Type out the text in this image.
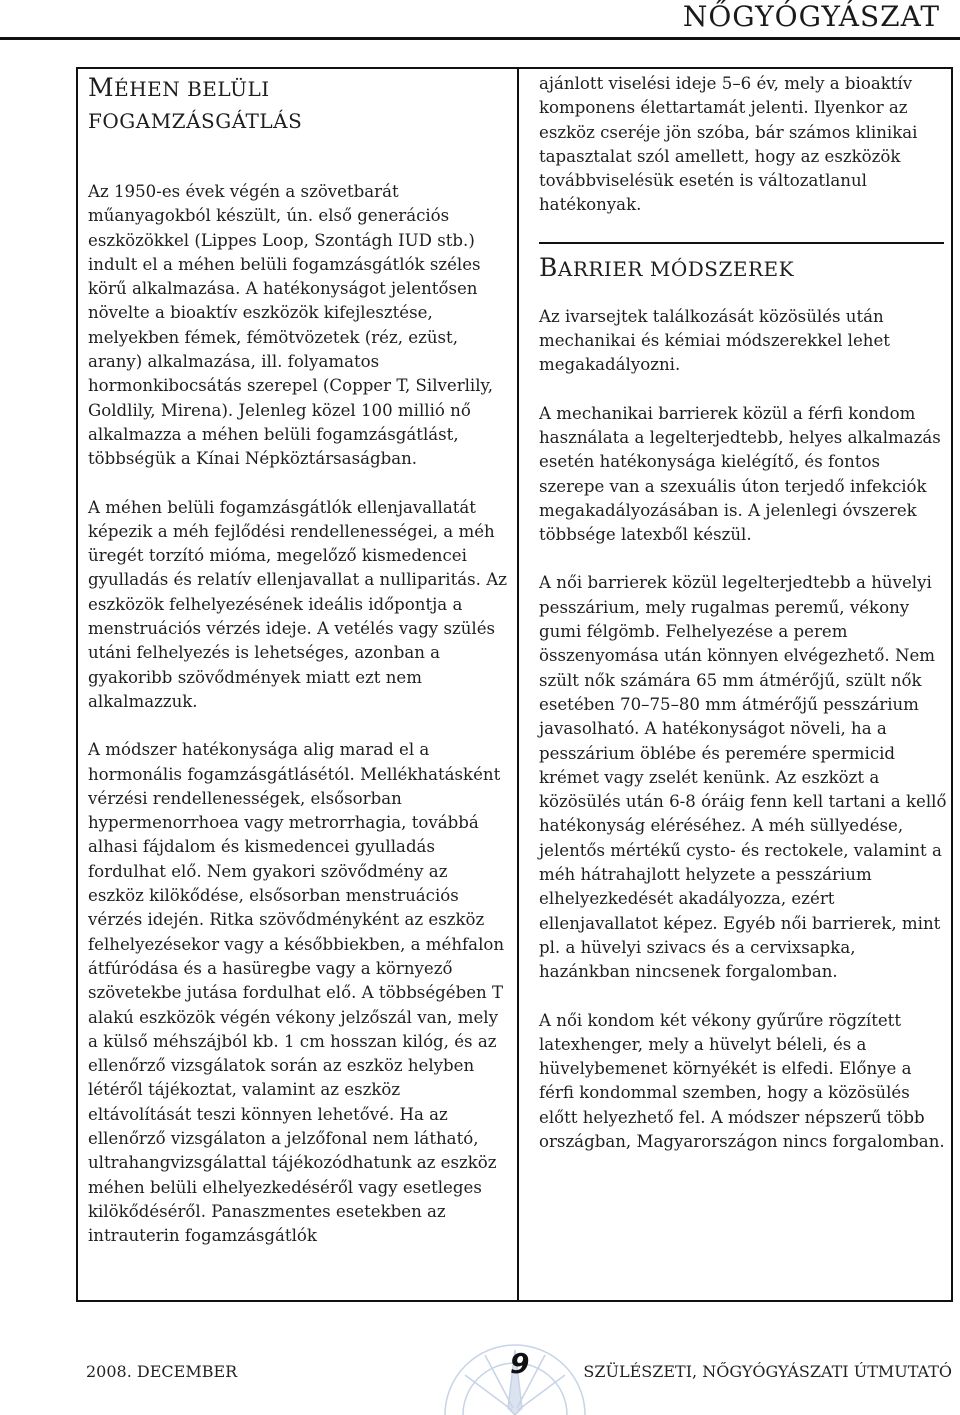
NŐGYÓGYÁSZAT
MÉHEN BELÜLI
FOGAMZÁSGÁTLÁS

Az 1950-es évek végén a szövetbarát műanyagokból készült, ún. első generációs eszközökkel (Lippes Loop, Szontágh IUD stb.) indult el a méhen belüli fogamzásgátlók széles körű alkalmazása. A hatékonyságot jelentősen növelte a bioaktív eszközök kifejlesztése, melyekben fémek, fémötvözetek (réz, ezüst, arany) alkalmazása, ill. folyamatos hormonkibocsátás szerepel (Copper T, Silverlily, Goldlily, Mirena). Jelenleg közel 100 millió nő alkalmazza a méhen belüli fogamzásgátlást, többségük a Kínai Népköztársaságban.

A méhen belüli fogamzásgátlók ellenjavallatát képezik a méh fejlődési rendellenességei, a méh üregét torzító mióma, megelőző kismedencei gyulladás és relatív ellenjavallat a nulliparitás. Az eszközök felhelyezésének ideális időpontja a menstruációs vérzés ideje. A vetélés vagy szülés utáni felhelyezés is lehetséges, azonban a gyakoribb szövődmények miatt ezt nem alkalmazzuk.

A módszer hatékonysága alig marad el a hormonális fogamzásgátlásétól. Mellékhatásként vérzési rendellenességek, elsősorban hypermenorrhoea vagy metrorrhagia, továbbá alhasi fájdalom és kismedencei gyulladás fordulhat elő. Nem gyakori szövődmény az eszköz kilökődése, elsősorban menstruációs vérzés idején. Ritka szövődményként az eszköz felhelyezésekor vagy a későbbiekben, a méhfalon átfúródása és a hasüregbe vagy a környező szövetekbe jutása fordulhat elő. A többségében T alakú eszközök végén vékony jelzőszál van, mely a külső méhszájból kb. 1 cm hosszan kilóg, és az ellenőrző vizsgálatok során az eszköz helyben létéről tájékoztat, valamint az eszköz eltávolítását teszi könnyen lehetővé. Ha az ellenőrző vizsgálaton a jelzőfonal nem látható, ultrahangvizsgálattal tájékozódhatunk az eszköz méhen belüli elhelyezkedéséről vagy esetleges kilökődéséről. Panaszmentes esetekben az intrauterin fogamzásgátlók

ajánlott viselési ideje 5–6 év, mely a bioaktív komponens élettartamát jelenti. Ilyenkor az eszköz cseréje jön szóba, bár számos klinikai tapasztalat szól amellett, hogy az eszközök továbbviselésük esetén is változatlanul hatékonyak.

BARRIER MÓDSZEREK

Az ivarsejtek találkozását közösülés után mechanikai és kémiai módszerekkel lehet megakadályozni.

A mechanikai barrierek közül a férfi kondom használata a legelterjedtebb, helyes alkalmazás esetén hatékonysága kielégítő, és fontos szerepe van a szexuális úton terjedő infekciók megakadályozásában is. A jelenlegi óvszerek többsége latexből készül.

A női barrierek közül legelterjedtebb a hüvelyi pesszárium, mely rugalmas peremű, vékony gumi félgömb. Felhelyezése a perem összenyomása után könnyen elvégezhető. Nem szült nők számára 65 mm átmérőjű, szült nők esetében 70–75–80 mm átmérőjű pesszárium javasolható. A hatékonyságot növeli, ha a pesszárium öblébe és peremére spermicid krémet vagy zselét kenünk. Az eszközt a közösülés után 6-8 óráig fenn kell tartani a kellő hatékonyság eléréséhez. A méh süllyedése, jelentős mértékű cysto- és rectokele, valamint a méh hátrahajlott helyzete a pesszárium elhelyezkedését akadályozza, ezért ellenjavallatot képez. Egyéb női barrierek, mint pl. a hüvelyi szivacs és a cervixsapka, hazánkban nincsenek forgalomban.

A női kondom két vékony gyűrűre rögzített latexhenger, mely a hüvelyt béleli, és a hüvelybemenet környékét is elfedi. Előnye a férfi kondommal szemben, hogy a közösülés előtt helyezhető fel. A módszer népszerű több országban, Magyarországon nincs forgalomban.

2008. DECEMBER	9	SZÜLÉSZETI, NŐGYÓGYÁSZATI ÚTMUTATÓ
